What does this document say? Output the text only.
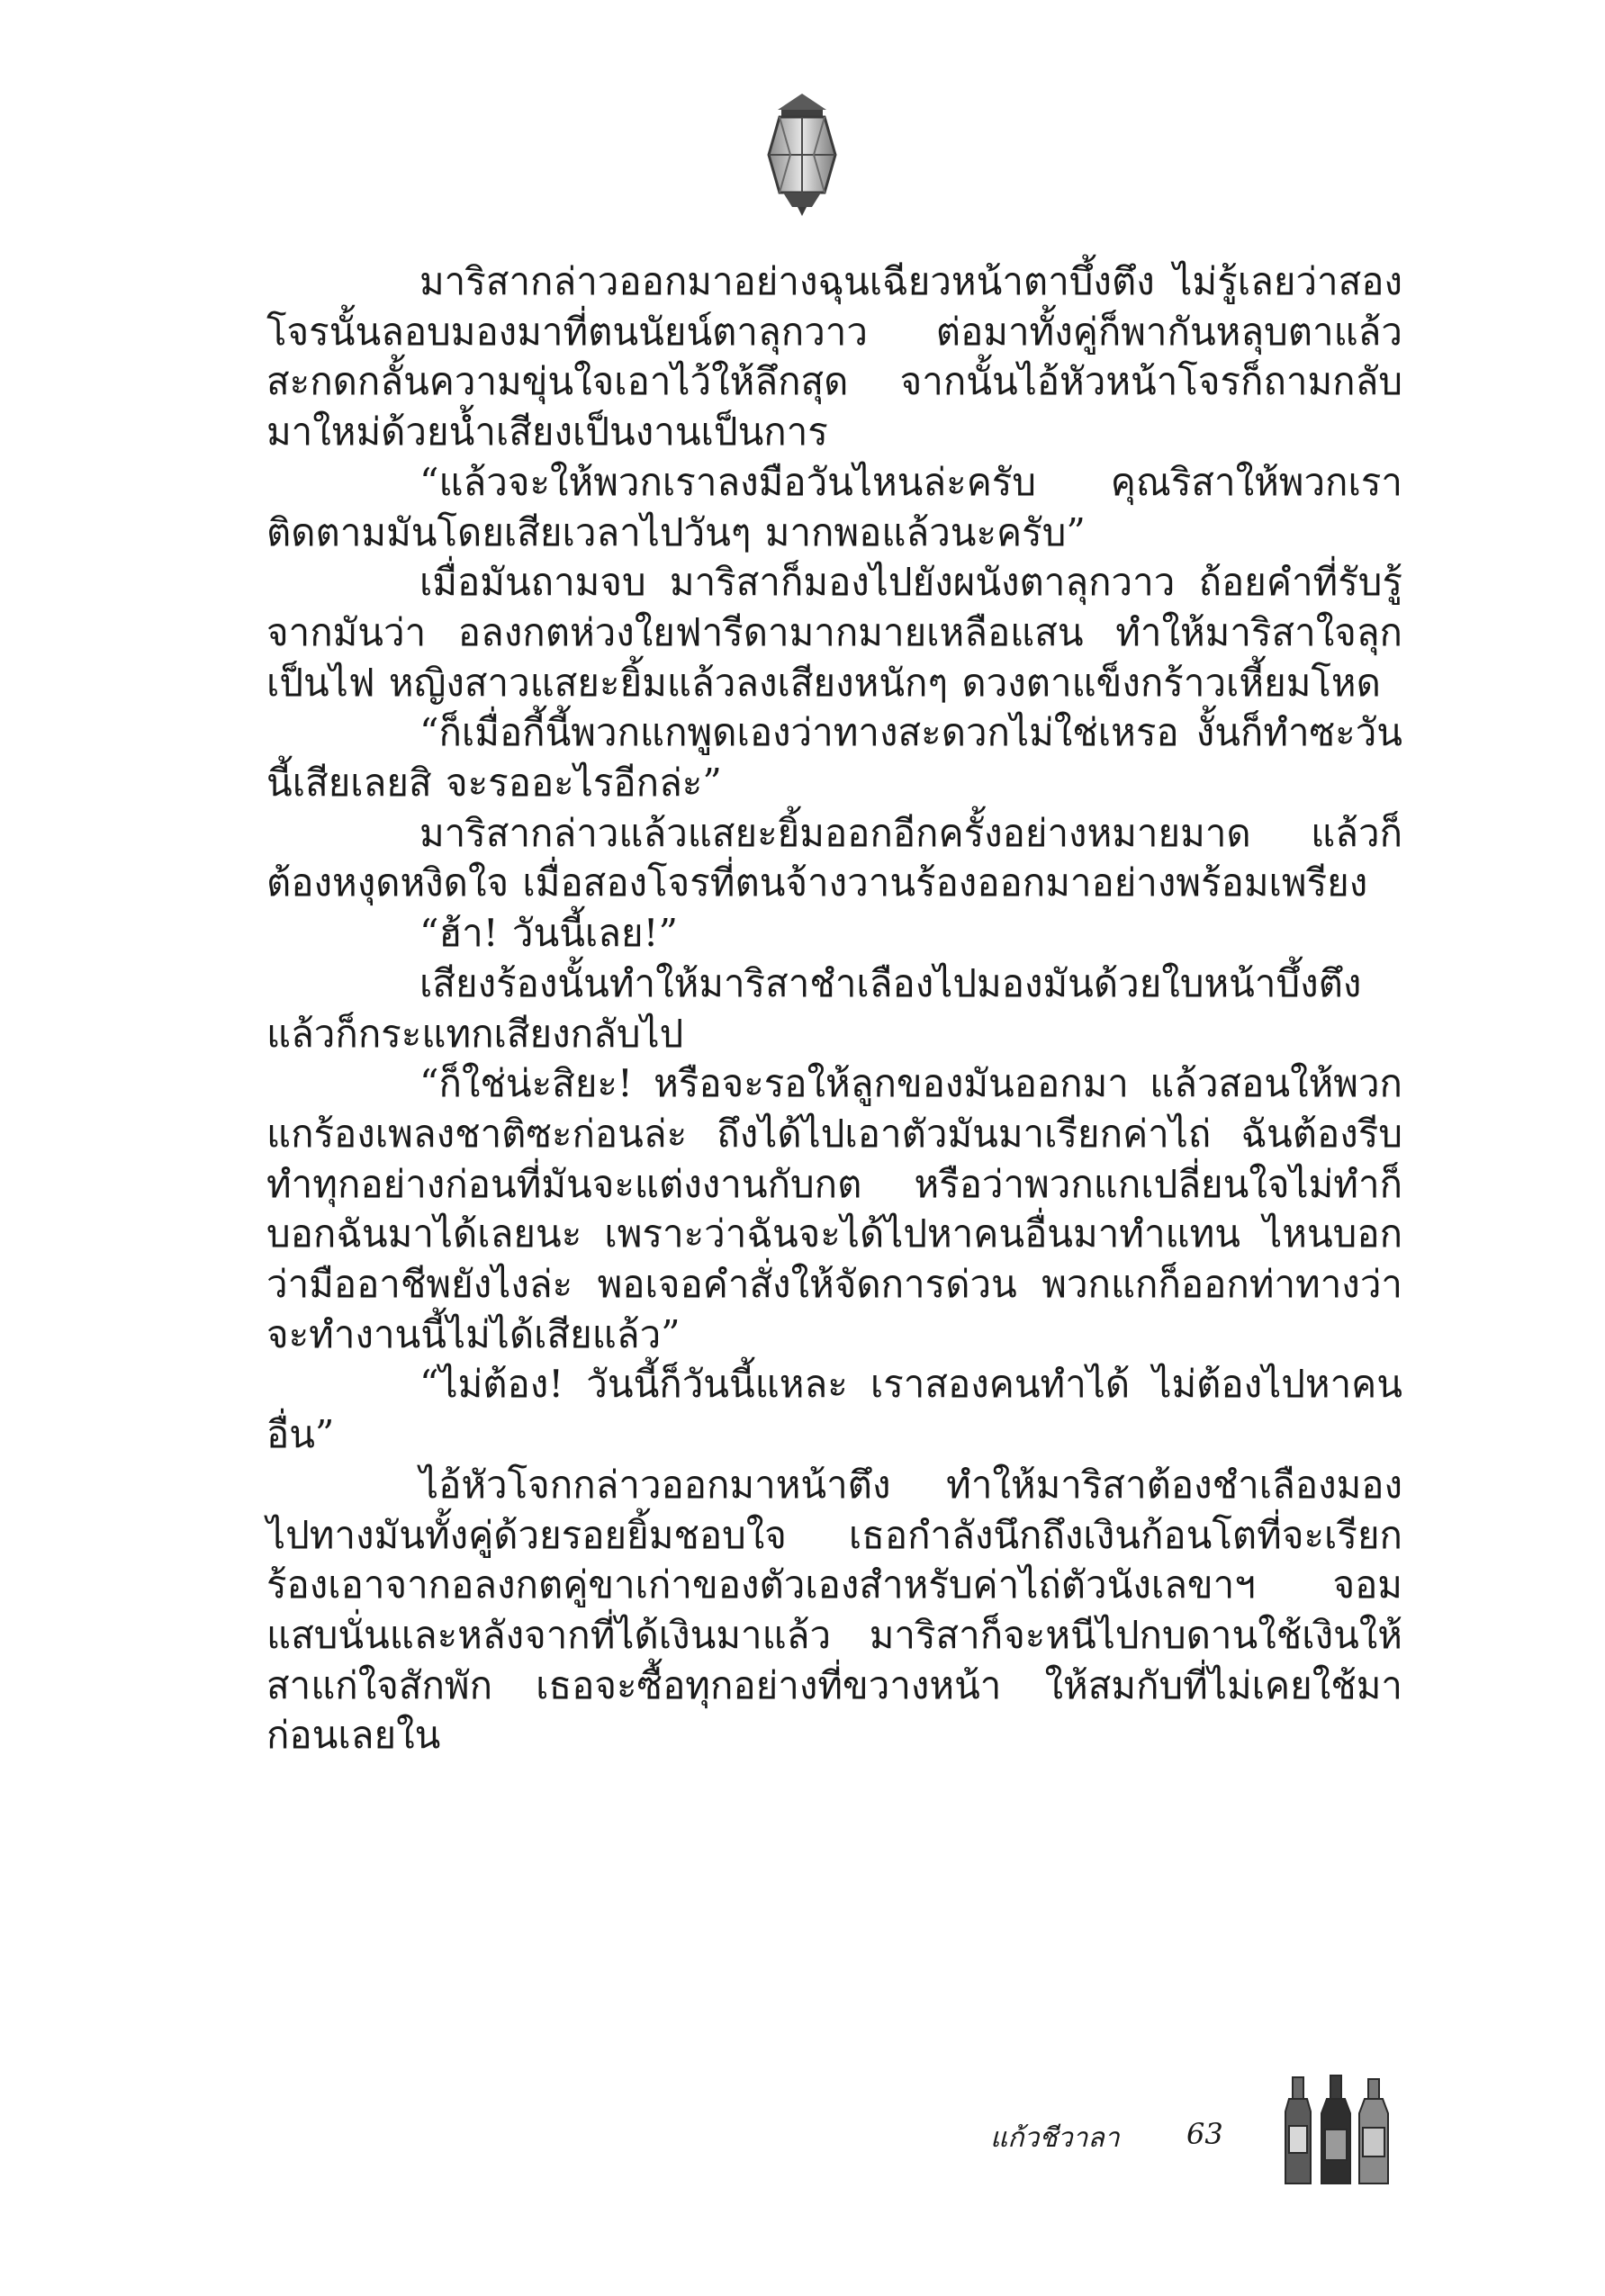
มาริสากล่าวออกมาอย่างฉุนเฉียวหน้าตาบึ้งตึง ไม่รู้เลยว่าสองโจรนั้นลอบมองมาที่ตนนัยน์ตาลุกวาว ต่อมาทั้งคู่ก็พากันหลุบตาแล้วสะกดกลั้นความขุ่นใจเอาไว้ให้ลึกสุด จากนั้นไอ้หัวหน้าโจรก็ถามกลับมาใหม่ด้วยน้ำเสียงเป็นงานเป็นการ

“แล้วจะให้พวกเราลงมือวันไหนล่ะครับ คุณริสาให้พวกเราติดตามมันโดยเสียเวลาไปวันๆ มากพอแล้วนะครับ”

เมื่อมันถามจบ มาริสาก็มองไปยังผนังตาลุกวาว ถ้อยคำที่รับรู้จากมันว่า อลงกตห่วงใยฟารีดามากมายเหลือแสน ทำให้มาริสาใจลุกเป็นไฟ หญิงสาวแสยะยิ้มแล้วลงเสียงหนักๆ ดวงตาแข็งกร้าวเหี้ยมโหด

“ก็เมื่อกี้นี้พวกแกพูดเองว่าทางสะดวกไม่ใช่เหรอ งั้นก็ทำซะวันนี้เสียเลยสิ จะรออะไรอีกล่ะ”

มาริสากล่าวแล้วแสยะยิ้มออกอีกครั้งอย่างหมายมาด แล้วก็ต้องหงุดหงิดใจ เมื่อสองโจรที่ตนจ้างวานร้องออกมาอย่างพร้อมเพรียง

“ฮ้า! วันนี้เลย!”

เสียงร้องนั้นทำให้มาริสาชำเลืองไปมองมันด้วยใบหน้าบึ้งตึงแล้วก็กระแทกเสียงกลับไป

“ก็ใช่น่ะสิยะ! หรือจะรอให้ลูกของมันออกมา แล้วสอนให้พวกแกร้องเพลงชาติซะก่อนล่ะ ถึงได้ไปเอาตัวมันมาเรียกค่าไถ่ ฉันต้องรีบทำทุกอย่างก่อนที่มันจะแต่งงานกับกต หรือว่าพวกแกเปลี่ยนใจไม่ทำก็บอกฉันมาได้เลยนะ เพราะว่าฉันจะได้ไปหาคนอื่นมาทำแทน ไหนบอกว่ามืออาชีพยังไงล่ะ พอเจอคำสั่งให้จัดการด่วน พวกแกก็ออกท่าทางว่าจะทำงานนี้ไม่ได้เสียแล้ว”

“ไม่ต้อง! วันนี้ก็วันนี้แหละ เราสองคนทำได้ ไม่ต้องไปหาคนอื่น”

ไอ้หัวโจกกล่าวออกมาหน้าตึง ทำให้มาริสาต้องชำเลืองมองไปทางมันทั้งคู่ด้วยรอยยิ้มชอบใจ เธอกำลังนึกถึงเงินก้อนโตที่จะเรียกร้องเอาจากอลงกตคู่ขาเก่าของตัวเองสำหรับค่าไถ่ตัวนังเลขาฯ จอมแสบนั่นและหลังจากที่ได้เงินมาแล้ว มาริสาก็จะหนีไปกบดานใช้เงินให้สาแก่ใจสักพัก เธอจะซื้อทุกอย่างที่ขวางหน้า ให้สมกับที่ไม่เคยใช้มาก่อนเลยใน

แก้วชีวาลา 63
